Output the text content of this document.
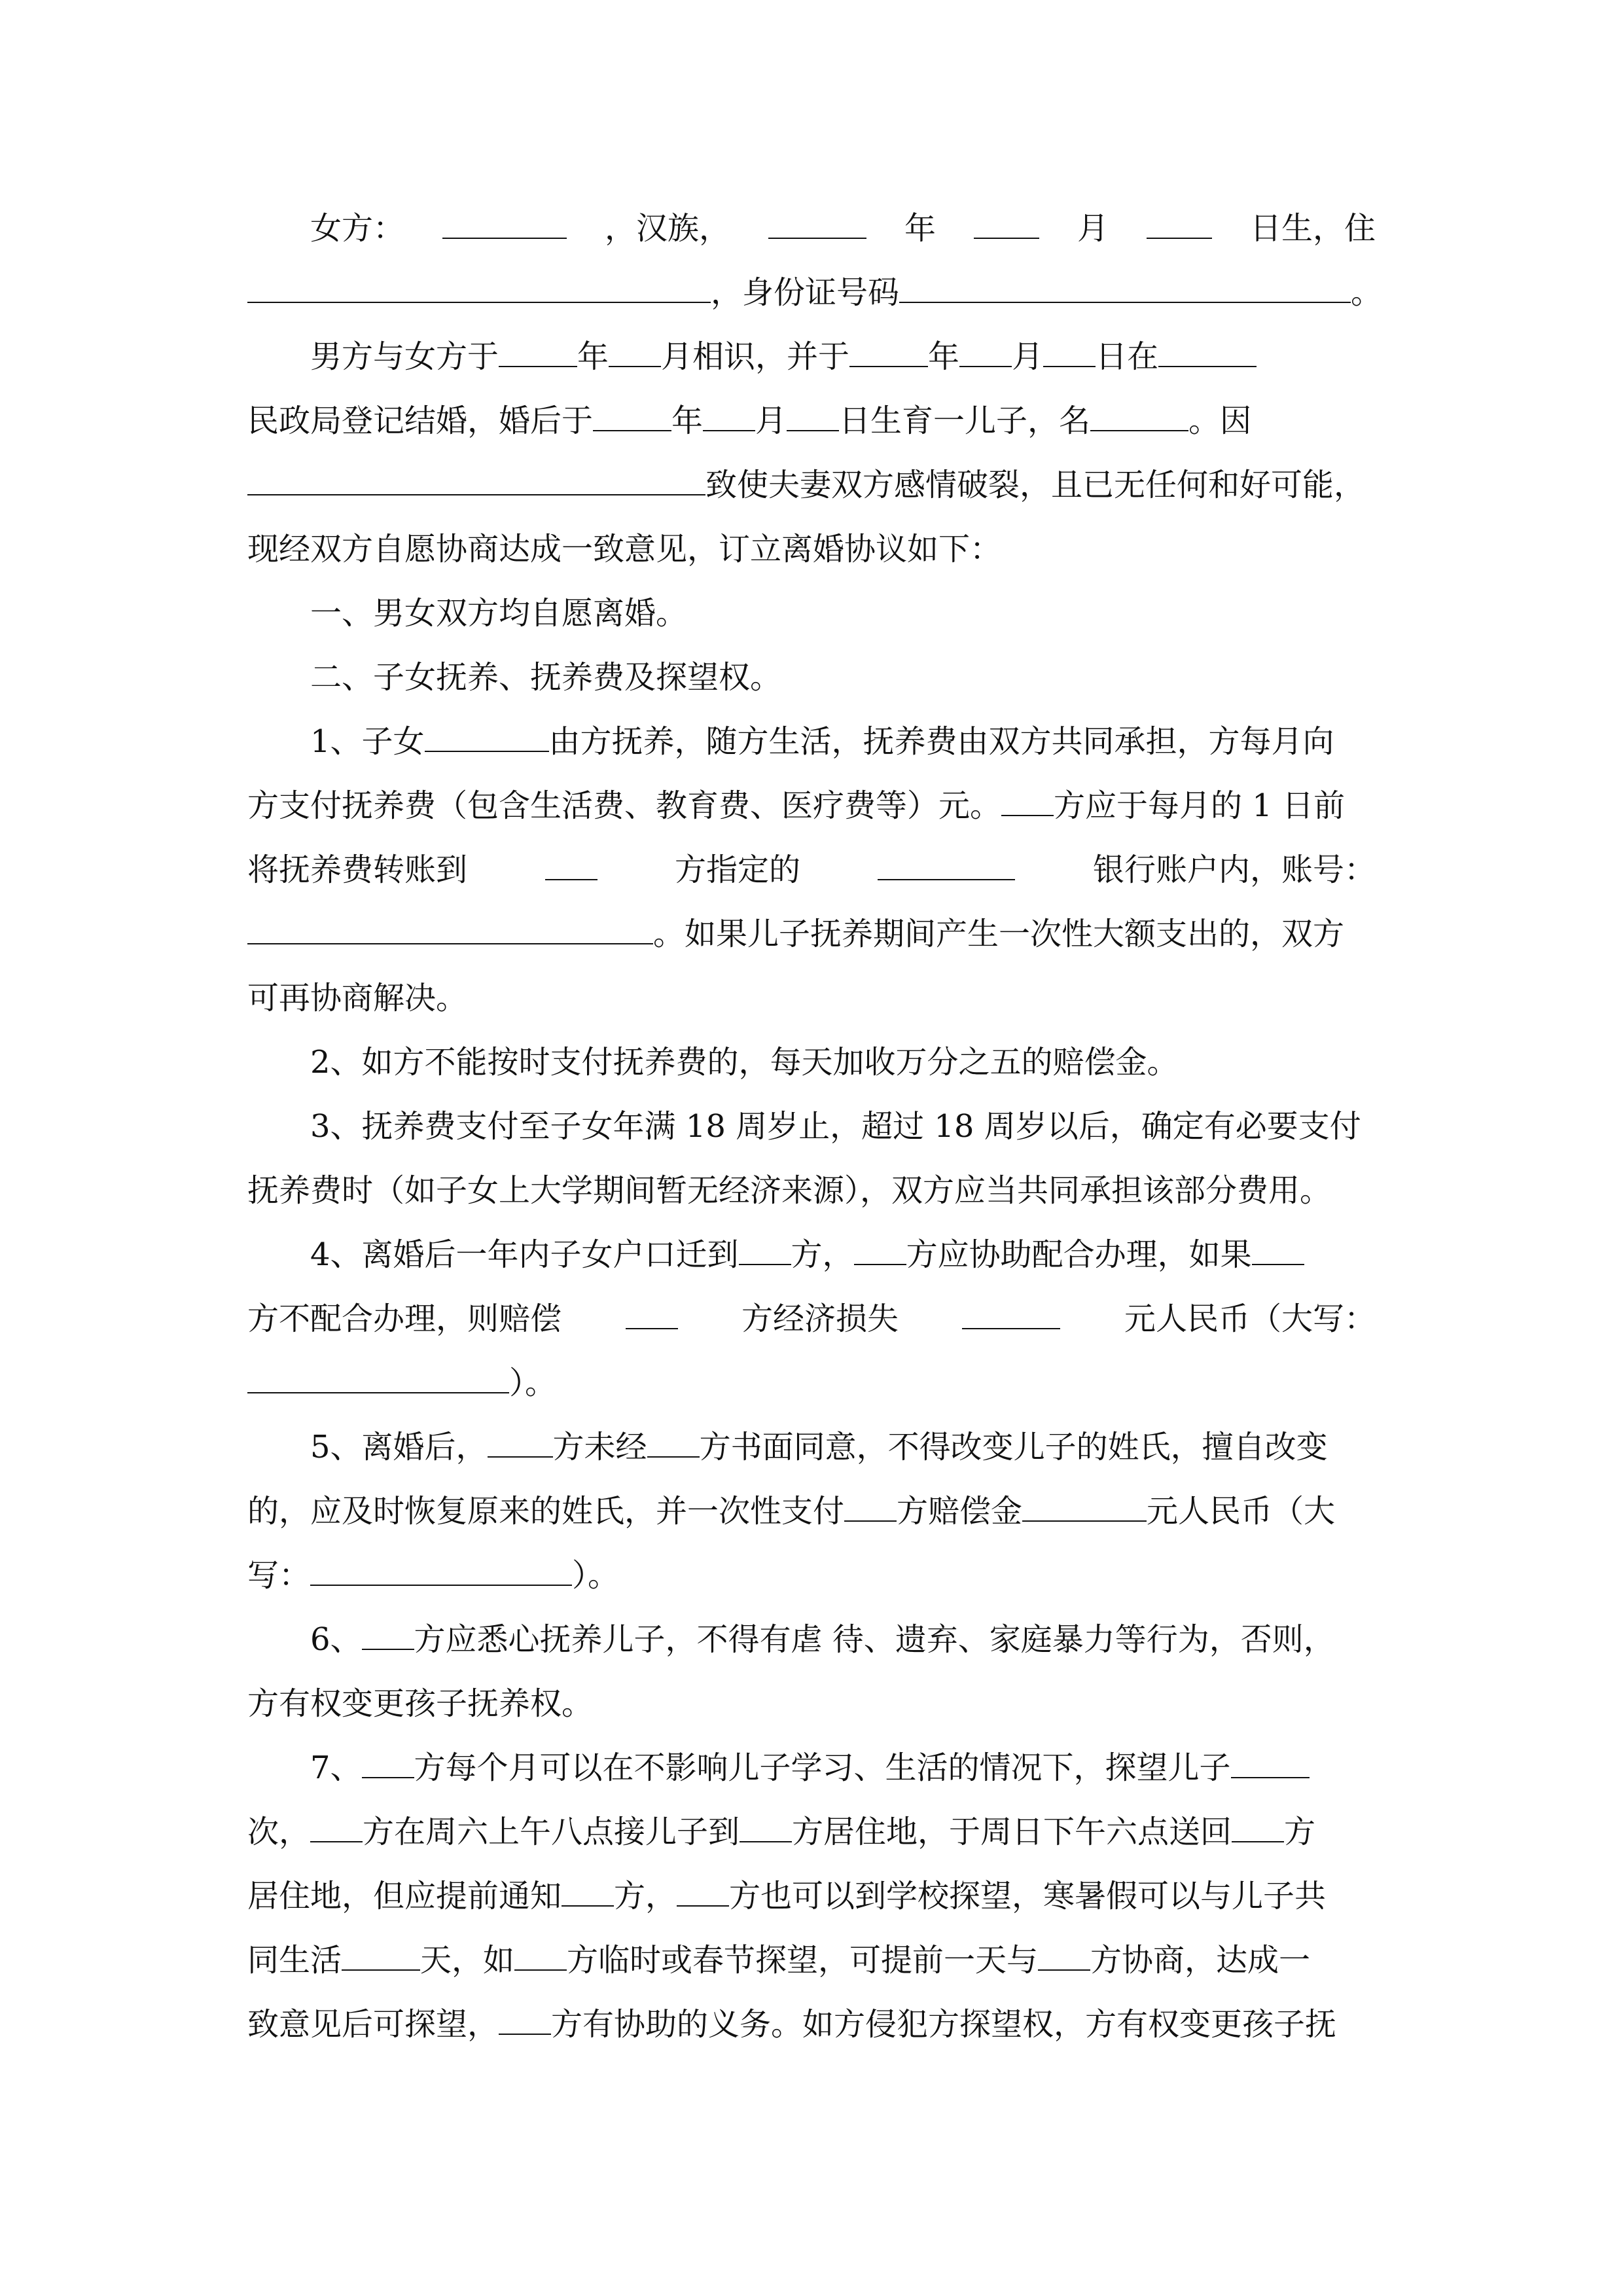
女方：	，汉族，	年	月	日生，住

，身份证号码	。

男方与女方于	年 月相识，并于	年 月 日在

民政局登记结婚，婚后于	年 月 日生育一儿子，名	。因

致使夫妻双方感情破裂，且已无任何和好可能，

现经双方自愿协商达成一致意见，订立离婚协议如下：

一、男女双方均自愿离婚。

二、子女抚养、抚养费及探望权。

1、子女	由方抚养，随方生活，抚养费由双方共同承担，方每月向

方支付抚养费（包含生活费、教育费、医疗费等）元。 方应于每月的 1 日前

将抚养费转账到	方指定的	银行账户内，账号：

。如果儿子抚养期间产生一次性大额支出的，双方

可再协商解决。

2、如方不能按时支付抚养费的，每天加收万分之五的赔偿金。

3、抚养费支付至子女年满 18 周岁止，超过 18 周岁以后，确定有必要支付

抚养费时（如子女上大学期间暂无经济来源），双方应当共同承担该部分费用。

4、离婚后一年内子女户口迁到 方， 方应协助配合办理，如果

方不配合办理，则赔偿	方经济损失	元人民币（大写：

）。

5、离婚后， 方未经 方书面同意，不得改变儿子的姓氏，擅自改变

的，应及时恢复原来的姓氏，并一次性支付 方赔偿金	元人民币（大

写：	）。

6、 方应悉心抚养儿子，不得有虐 待、遗弃、家庭暴力等行为，否则，

方有权变更孩子抚养权。

7、 方每个月可以在不影响儿子学习、生活的情况下，探望儿子

次， 方在周六上午八点接儿子到 方居住地，于周日下午六点送回 方

居住地，但应提前通知 方， 方也可以到学校探望，寒暑假可以与儿子共

同生活	天，如 方临时或春节探望，可提前一天与 方协商，达成一

致意见后可探望， 方有协助的义务。如方侵犯方探望权，方有权变更孩子抚
